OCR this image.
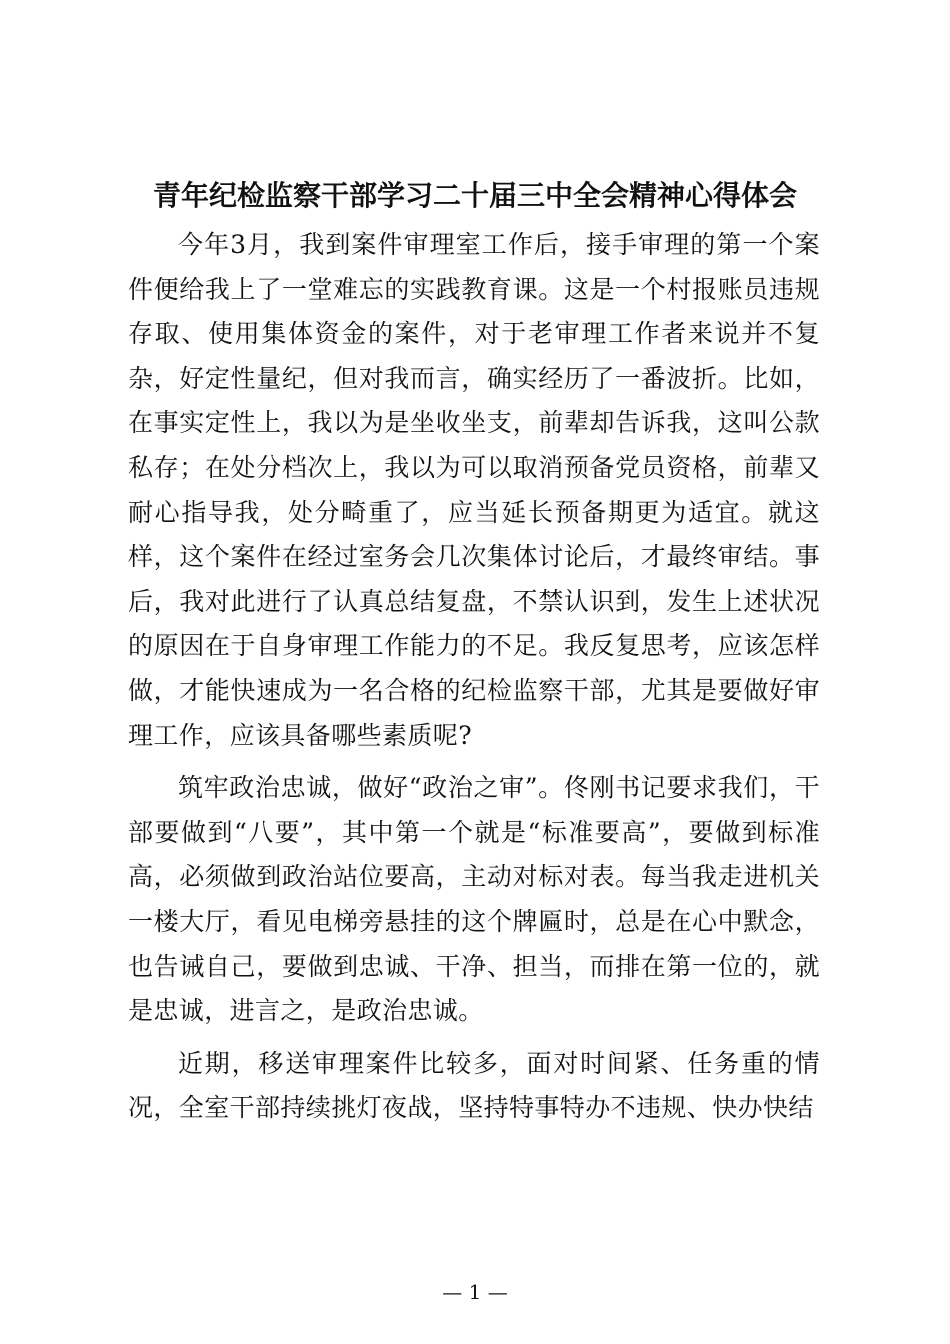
青年纪检监察干部学习二十届三中全会精神心得体会

今年3月，我到案件审理室工作后，接手审理的第一个案件便给我上了一堂难忘的实践教育课。这是一个村报账员违规存取、使用集体资金的案件，对于老审理工作者来说并不复杂，好定性量纪，但对我而言，确实经历了一番波折。比如，在事实定性上，我以为是坐收坐支，前辈却告诉我，这叫公款私存；在处分档次上，我以为可以取消预备党员资格，前辈又耐心指导我，处分畸重了，应当延长预备期更为适宜。就这样，这个案件在经过室务会几次集体讨论后，才最终审结。事后，我对此进行了认真总结复盘，不禁认识到，发生上述状况的原因在于自身审理工作能力的不足。我反复思考，应该怎样做，才能快速成为一名合格的纪检监察干部，尤其是要做好审理工作，应该具备哪些素质呢?

筑牢政治忠诚，做好“政治之审”。佟刚书记要求我们，干部要做到“八要”，其中第一个就是“标准要高”，要做到标准高，必须做到政治站位要高，主动对标对表。每当我走进机关一楼大厅，看见电梯旁悬挂的这个牌匾时，总是在心中默念，也告诫自己，要做到忠诚、干净、担当，而排在第一位的，就是忠诚，进言之，是政治忠诚。

近期，移送审理案件比较多，面对时间紧、任务重的情况，全室干部持续挑灯夜战，坚持特事特办不违规、快办快结

— 1 —
